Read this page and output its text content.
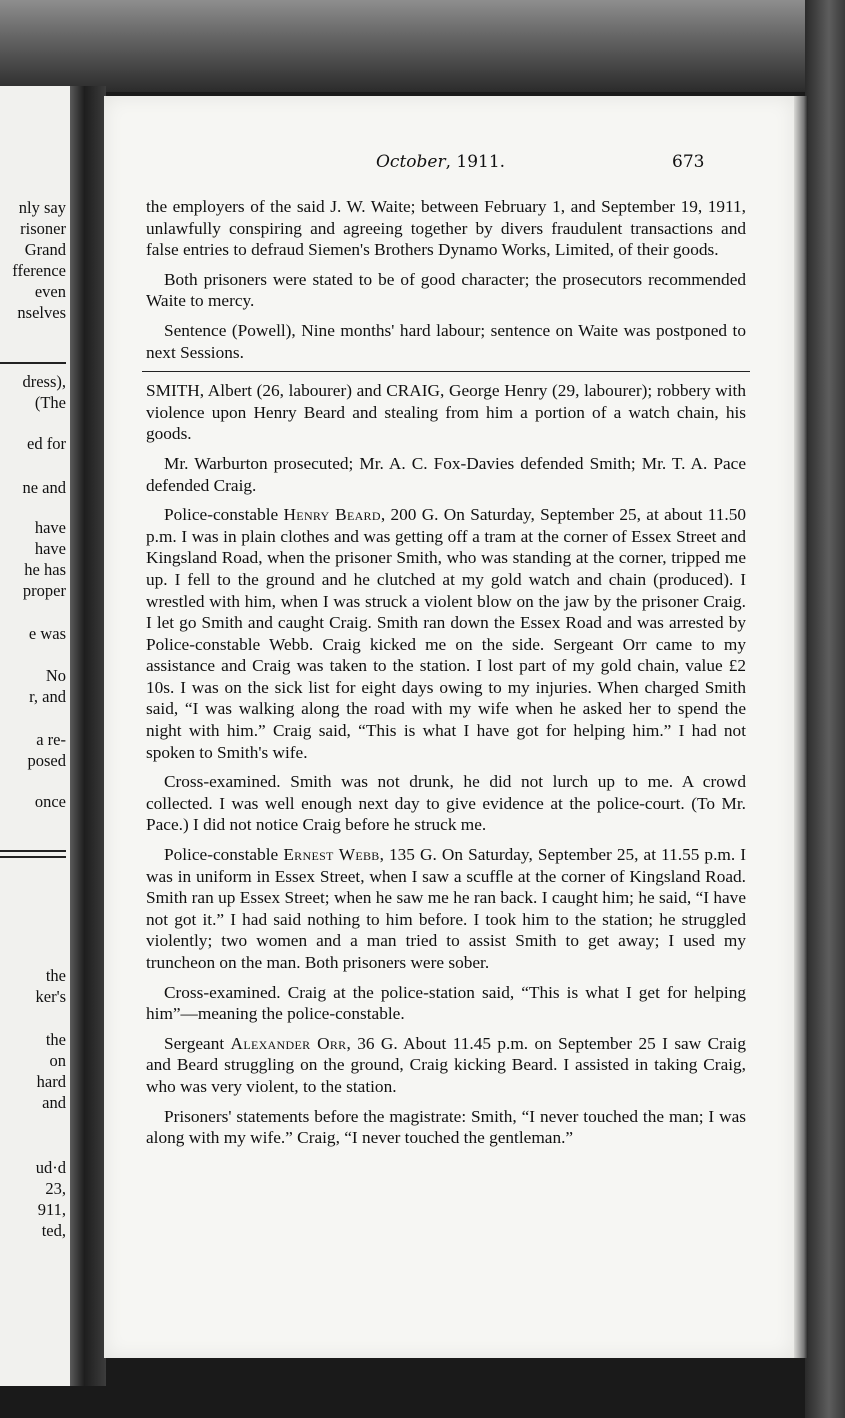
nly say
risoner
Grand
fference
even
nselves
dress),
(The
ed for
ne and
have
have
he has
proper
e was
No
r, and
a re-
posed
once
the
ker's
the
on
hard
and
ud·d
23,
911,
ted,
October, 1911.	673

the employers of the said J. W. Waite; between February 1, and September 19, 1911, unlawfully conspiring and agreeing together by divers fraudulent transactions and false entries to defraud Siemen's Brothers Dynamo Works, Limited, of their goods.

Both prisoners were stated to be of good character; the prosecutors recommended Waite to mercy.

Sentence (Powell), Nine months' hard labour; sentence on Waite was postponed to next Sessions.

SMITH, Albert (26, labourer) and CRAIG, George Henry (29, labourer); robbery with violence upon Henry Beard and stealing from him a portion of a watch chain, his goods.

Mr. Warburton prosecuted; Mr. A. C. Fox-Davies defended Smith; Mr. T. A. Pace defended Craig.

Police-constable Henry Beard, 200 G. On Saturday, September 25, at about 11.50 p.m. I was in plain clothes and was getting off a tram at the corner of Essex Street and Kingsland Road, when the prisoner Smith, who was standing at the corner, tripped me up. I fell to the ground and he clutched at my gold watch and chain (produced). I wrestled with him, when I was struck a violent blow on the jaw by the prisoner Craig. I let go Smith and caught Craig. Smith ran down the Essex Road and was arrested by Police-constable Webb. Craig kicked me on the side. Sergeant Orr came to my assistance and Craig was taken to the station. I lost part of my gold chain, value £2 10s. I was on the sick list for eight days owing to my injuries. When charged Smith said, “I was walking along the road with my wife when he asked her to spend the night with him.” Craig said, “This is what I have got for helping him.” I had not spoken to Smith's wife.

Cross-examined. Smith was not drunk, he did not lurch up to me. A crowd collected. I was well enough next day to give evidence at the police-court. (To Mr. Pace.) I did not notice Craig before he struck me.

Police-constable Ernest Webb, 135 G. On Saturday, September 25, at 11.55 p.m. I was in uniform in Essex Street, when I saw a scuffle at the corner of Kingsland Road. Smith ran up Essex Street; when he saw me he ran back. I caught him; he said, “I have not got it.” I had said nothing to him before. I took him to the station; he struggled violently; two women and a man tried to assist Smith to get away; I used my truncheon on the man. Both prisoners were sober.

Cross-examined. Craig at the police-station said, “This is what I get for helping him”—meaning the police-constable.

Sergeant Alexander Orr, 36 G. About 11.45 p.m. on September 25 I saw Craig and Beard struggling on the ground, Craig kicking Beard. I assisted in taking Craig, who was very violent, to the station.

Prisoners' statements before the magistrate: Smith, “I never touched the man; I was along with my wife.” Craig, “I never touched the gentleman.”
